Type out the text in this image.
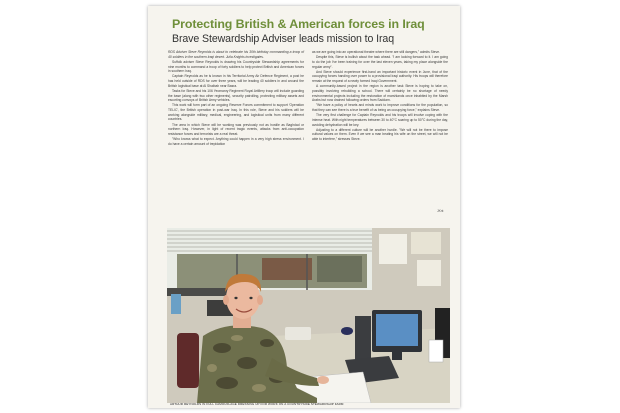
Protecting British & American forces in Iraq
Brave Stewardship Adviser leads mission to Iraq

RDS Adviser Steve Reynolds is about to celebrate his 30th birthday commanding a troop of 40 soldiers in the southern Iraqi desert. Julia Knights investigates.

Suffolk adviser Steve Reynolds is drawing his Countryside Stewardship agreements for nine months to command a troop of forty soldiers to help protect British and American forces in southern Iraq.

Captain Reynolds as he is known in his Territorial Army Air Defence Regiment, a post he has held outside of RDS for over three years, will be leading 40 soldiers in and around the British logistical base at Al Shaibah near Basra.

Tasks for Steve and his 106 Yeomanry Regiment Royal Artillery troop will include guarding the base (along with two other regiments), security patrolling, protecting military assets and escorting convoys of British Army vehicles.

This work will form part of an ongoing Reserve Forces commitment to support 'Operation TELIC', the British operation in post-war Iraq. In this role, Steve and his soldiers will be working alongside military, medical, engineering, and logistical units from many different countries.

The area in which Steve will be working was previously not as hostile as Baghdad or northern Iraq. However, in light of recent tragic events, attacks from anti-occupation resistance forces and terrorists are a real threat.

"Who knows what to expect. Anything could happen in a very high stress environment. I do have a certain amount of trepidation

as we are going into an operational theatre where there are still dangers," admits Steve.

Despite this, Steve is bullish about the task ahead. "I am looking forward to it. I am going to do the job I've been training for over the last eleven years, taking my place alongside the regular army".

And Steve should experience first-hand an important historic event in June, that of the occupying forces handing over power to a provisional Iraqi authority. His troops will therefore remain at the request of a newly formed Iraqi Government.

A community-based project in the region is another task Steve is hoping to take on, possibly involving rebuilding a school. There will certainly be no shortage of needy environmental projects including the restoration of marshlands once inhabited by the Marsh Arabs but now drained following orders from Saddam.

"We have a policy of hearts and minds work to improve conditions for the population, so that they can see there is a true benefit of us being an occupying force," explains Steve.

The very first challenge for Captain Reynolds and his troops will involve coping with the intense heat. With night temperatures between 30 to 40°C soaring up to 50°C during the day, avoiding dehydration will be key.

Adjusting to a different culture will be another hurdle. "We will not be there to impose cultural values on them. Even if we see a man beating his wife on the street, we will not be able to interfere," stresses Steve.

JKnt
ARTHUR REYNOLDS IN FULL CAMOUFLAGE DRESSING UP FOR WORK ON A COUNTRYSIDE STEWARDSHIP FARM
